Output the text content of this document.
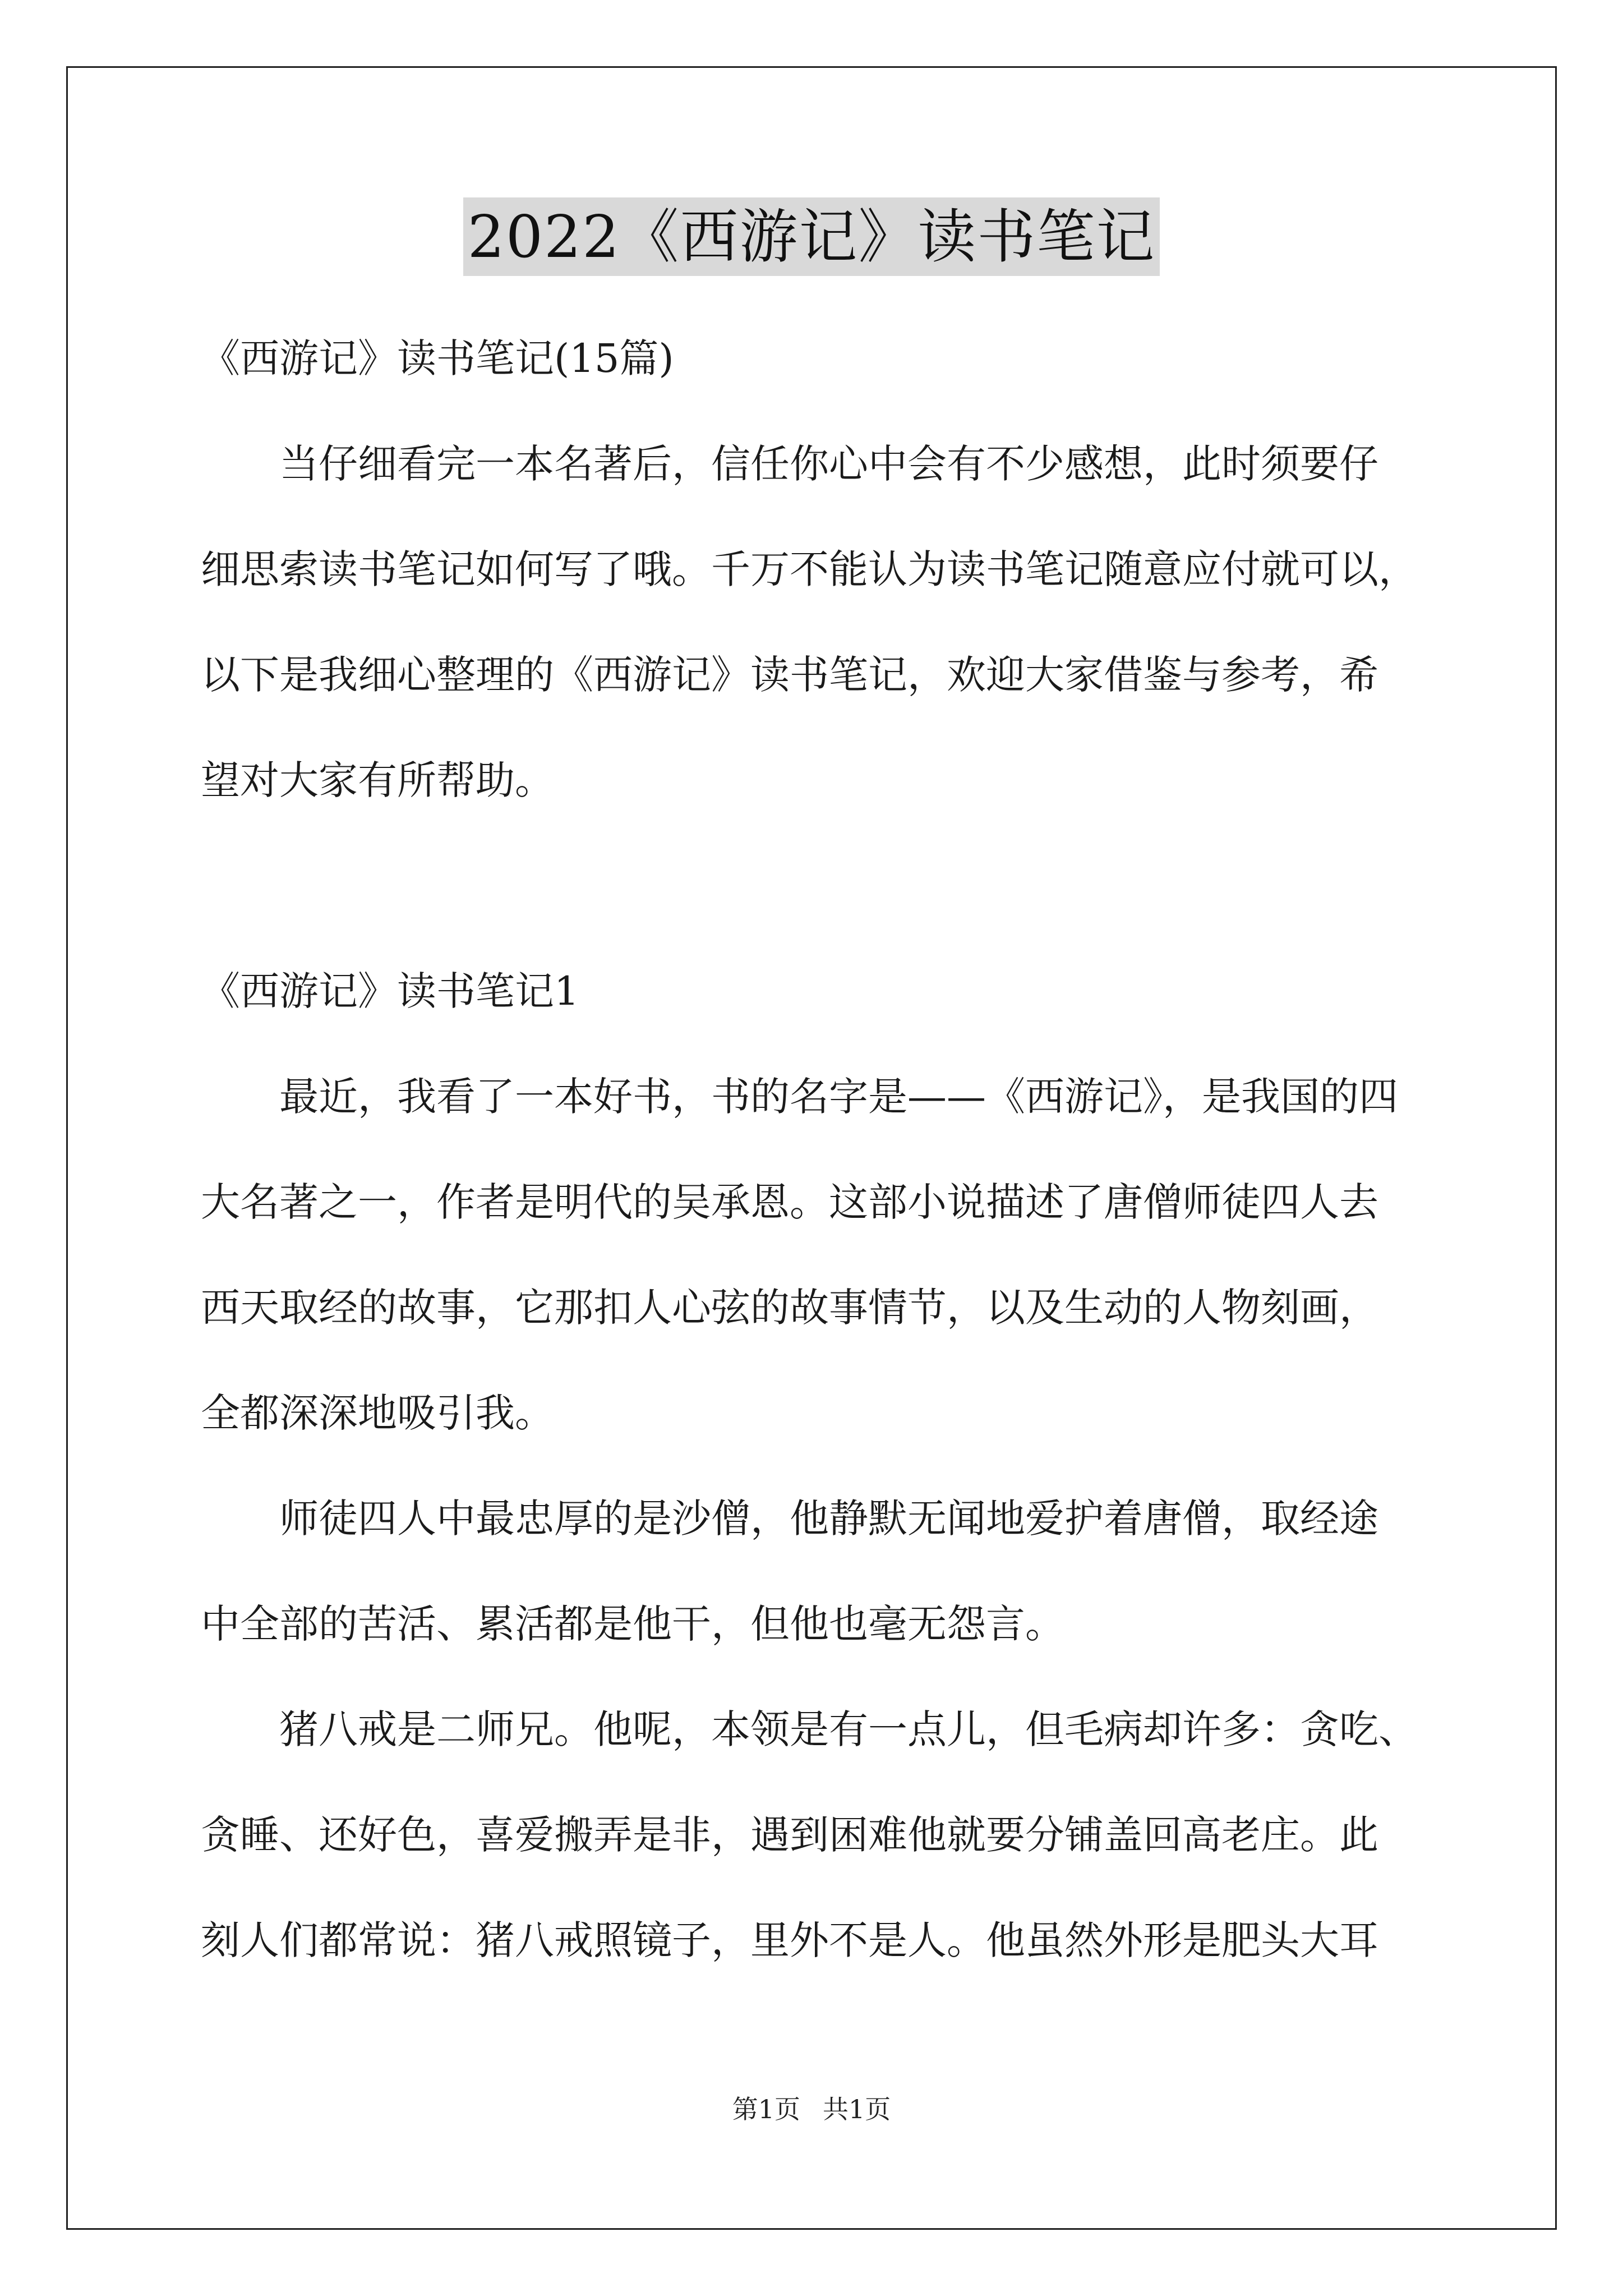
2022《西游记》读书笔记
《西游记》读书笔记(15篇)
当仔细看完一本名著后，信任你心中会有不少感想，此时须要仔
细思索读书笔记如何写了哦。千万不能认为读书笔记随意应付就可以，
以下是我细心整理的《西游记》读书笔记，欢迎大家借鉴与参考，希
望对大家有所帮助。
《西游记》读书笔记1
最近，我看了一本好书，书的名字是——《西游记》，是我国的四
大名著之一，作者是明代的吴承恩。这部小说描述了唐僧师徒四人去
西天取经的故事，它那扣人心弦的故事情节，以及生动的人物刻画，
全都深深地吸引我。
师徒四人中最忠厚的是沙僧，他静默无闻地爱护着唐僧，取经途
中全部的苦活、累活都是他干，但他也毫无怨言。
猪八戒是二师兄。他呢，本领是有一点儿，但毛病却许多：贪吃、
贪睡、还好色，喜爱搬弄是非，遇到困难他就要分铺盖回高老庄。此
刻人们都常说：猪八戒照镜子，里外不是人。他虽然外形是肥头大耳
第1页 共1页
